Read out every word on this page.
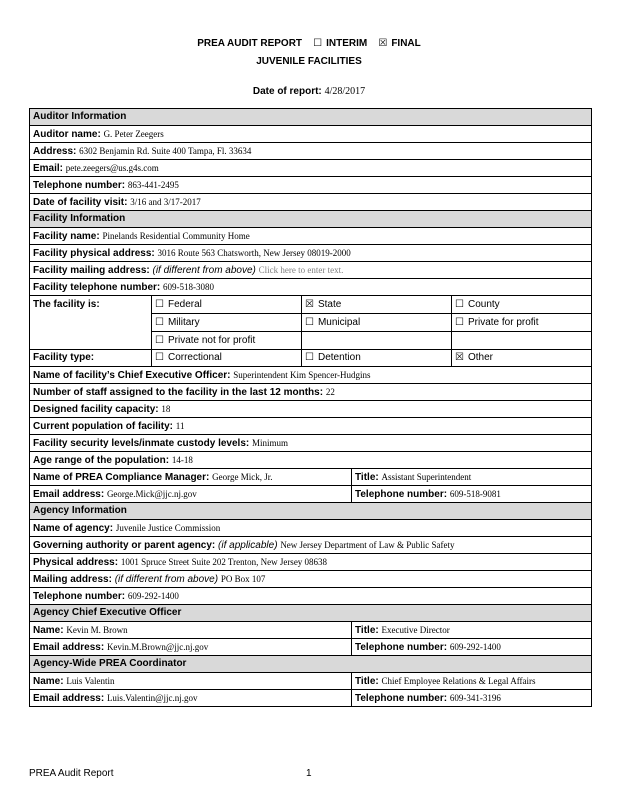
PREA AUDIT REPORT ☐ INTERIM ☒ FINAL
JUVENILE FACILITIES
Date of report: 4/28/2017
Auditor Information				
Auditor name: G. Peter Zeegers				
Address: 6302 Benjamin Rd. Suite 400 Tampa, Fl. 33634				
Email: pete.zeegers@us.g4s.com				
Telephone number: 863-441-2495				
Date of facility visit: 3/16 and 3/17-2017				
Facility Information				
Facility name: Pinelands Residential Community Home				
Facility physical address: 3016 Route 563 Chatsworth, New Jersey 08019-2000				
Facility mailing address: (if different from above) Click here to enter text.				
Facility telephone number: 609-518-3080				
The facility is:	☐ Federal	☒ State		☐ County
	☐ Military	☐ Municipal		☐ Private for profit
	☐ Private not for profit			
Facility type:	☐ Correctional	☐ Detention		☒ Other
Name of facility’s Chief Executive Officer: Superintendent Kim Spencer-Hudgins				
Number of staff assigned to the facility in the last 12 months: 22				
Designed facility capacity: 18				
Current population of facility: 11				
Facility security levels/inmate custody levels: Minimum				
Age range of the population: 14-18				
Name of PREA Compliance Manager: George Mick, Jr.			Title: Assistant Superintendent	
Email address: George.Mick@jjc.nj.gov			Telephone number: 609-518-9081	
Agency Information				
Name of agency: Juvenile Justice Commission				
Governing authority or parent agency: (if applicable) New Jersey Department of Law & Public Safety				
Physical address: 1001 Spruce Street Suite 202 Trenton, New Jersey 08638				
Mailing address: (if different from above) PO Box 107				
Telephone number: 609-292-1400				
Agency Chief Executive Officer				
Name: Kevin M. Brown			Title: Executive Director	
Email address: Kevin.M.Brown@jjc.nj.gov			Telephone number: 609-292-1400	
Agency-Wide PREA Coordinator				
Name: Luis Valentin			Title: Chief Employee Relations & Legal Affairs	
Email address: Luis.Valentin@jjc.nj.gov			Telephone number: 609-341-3196	
PREA Audit Report	1
